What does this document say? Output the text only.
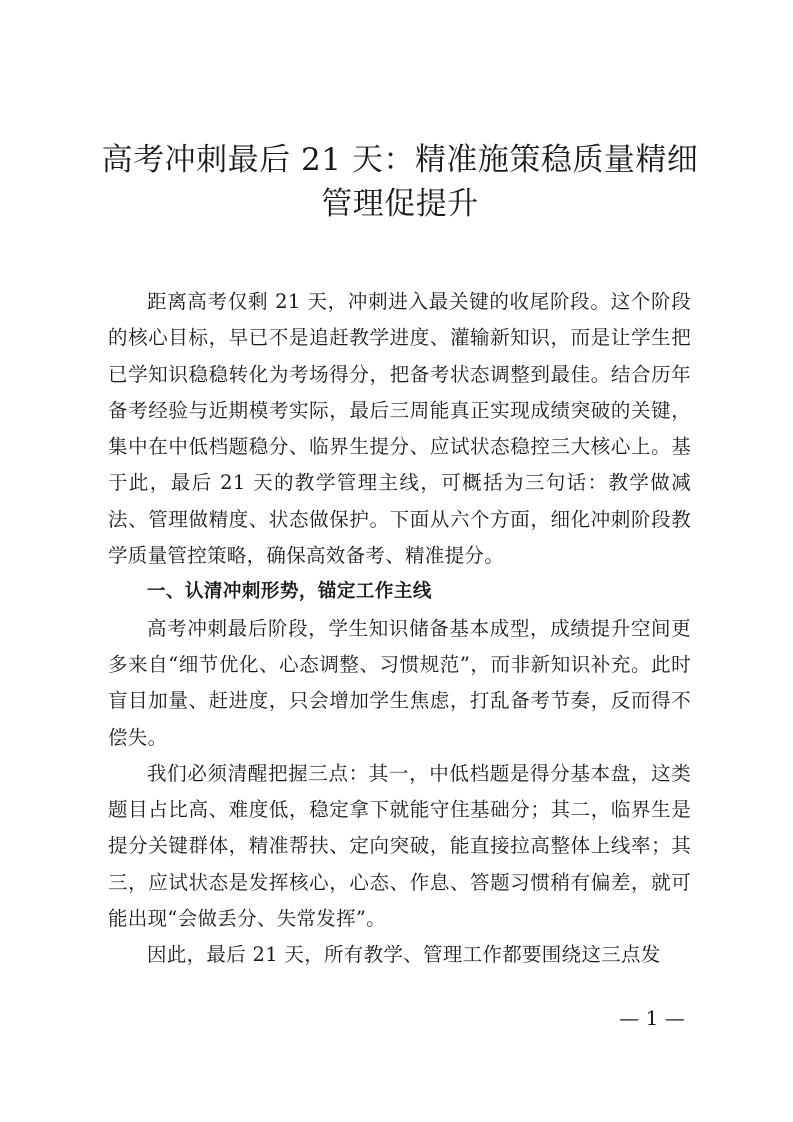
高考冲刺最后 21 天：精准施策稳质量精细
管理促提升

距离高考仅剩 21 天，冲刺进入最关键的收尾阶段。这个阶段的核心目标，早已不是追赶教学进度、灌输新知识，而是让学生把已学知识稳稳转化为考场得分，把备考状态调整到最佳。结合历年备考经验与近期模考实际，最后三周能真正实现成绩突破的关键，集中在中低档题稳分、临界生提分、应试状态稳控三大核心上。基于此，最后 21 天的教学管理主线，可概括为三句话：教学做减法、管理做精度、状态做保护。下面从六个方面，细化冲刺阶段教学质量管控策略，确保高效备考、精准提分。

一、认清冲刺形势，锚定工作主线

高考冲刺最后阶段，学生知识储备基本成型，成绩提升空间更多来自“细节优化、心态调整、习惯规范”，而非新知识补充。此时盲目加量、赶进度，只会增加学生焦虑，打乱备考节奏，反而得不偿失。

我们必须清醒把握三点：其一，中低档题是得分基本盘，这类题目占比高、难度低，稳定拿下就能守住基础分；其二，临界生是提分关键群体，精准帮扶、定向突破，能直接拉高整体上线率；其三，应试状态是发挥核心，心态、作息、答题习惯稍有偏差，就可能出现“会做丢分、失常发挥”。

因此，最后 21 天，所有教学、管理工作都要围绕这三点发

— 1 —
